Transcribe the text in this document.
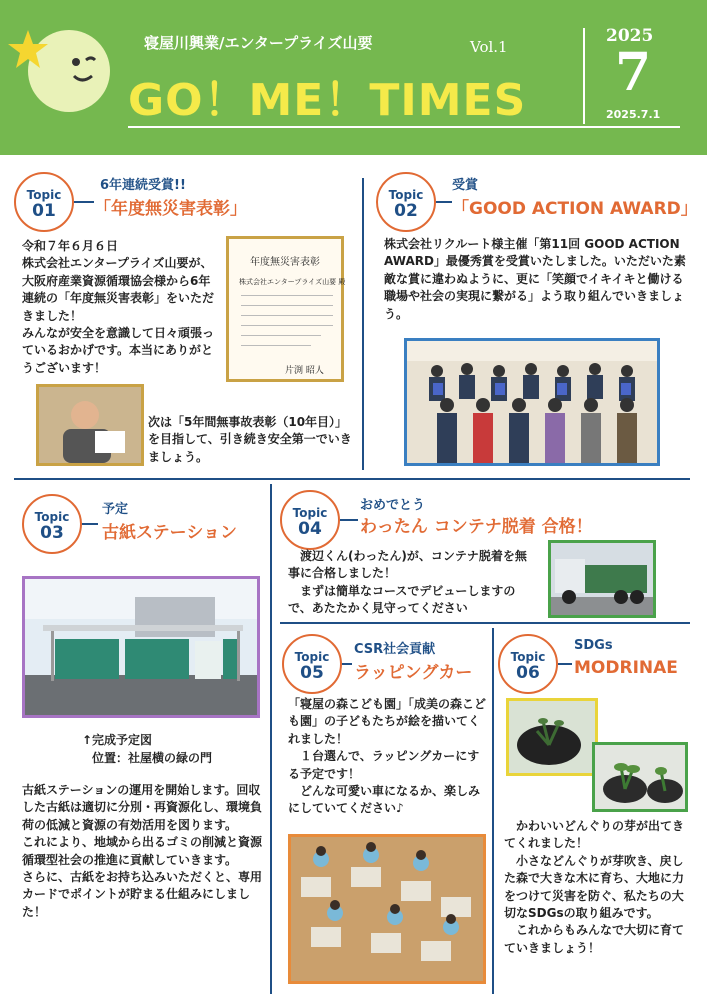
寝屋川興業/エンタープライズ山要	Vol.1
GO！ME！TIMES
2025
7
2025.7.1
Topic
01
6年連続受賞!!
「年度無災害表彰」
令和７年６月６日
株式会社エンタープライズ山要が、大阪府産業資源循環協会様から6年連続の「年度無災害表彰」をいただきました！
みんなが安全を意識して日々頑張っているおかげです。本当にありがとうございます！
年度無災害表彰
株式会社エンタープライズ山要 殿
片渕 昭人
次は「5年間無事故表彰（10年目）」を目指して、引き続き安全第一でいきましょう。
Topic
02
受賞
「GOOD ACTION AWARD」
株式会社リクルート様主催「第11回 GOOD ACTION AWARD」最優秀賞を受賞いたしました。いただいた素敵な賞に違わぬように、更に「笑顔でイキイキと働ける職場や社会の実現に繋がる」よう取り組んでいきましょう。
Topic
03
予定
古紙ステーション
↑完成予定図
位置：社屋横の緑の門
古紙ステーションの運用を開始します。回収した古紙は適切に分別・再資源化し、環境負荷の低減と資源の有効活用を図ります。
これにより、地域から出るゴミの削減と資源循環型社会の推進に貢献していきます。
さらに、古紙をお持ち込みいただくと、専用カードでポイントが貯まる仕組みにしました！
Topic
04
おめでとう
わったん コンテナ脱着 合格！
　渡辺くん(わったん)が、コンテナ脱着を無事に合格しました！
　まずは簡単なコースでデビューしますので、あたたかく見守ってください
Topic
05
CSR社会貢献
ラッピングカー
「寝屋の森こども園」「成美の森こども園」の子どもたちが絵を描いてくれました！
　１台選んで、ラッピングカーにする予定です！
　どんな可愛い車になるか、楽しみにしていてください♪
Topic
06
SDGs
MODRINAE
　かわいいどんぐりの芽が出てきてくれました！
　小さなどんぐりが芽吹き、戻した森で大きな木に育ち、大地に力をつけて災害を防ぐ、私たちの大切なSDGsの取り組みです。
　これからもみんなで大切に育てていきましょう！
